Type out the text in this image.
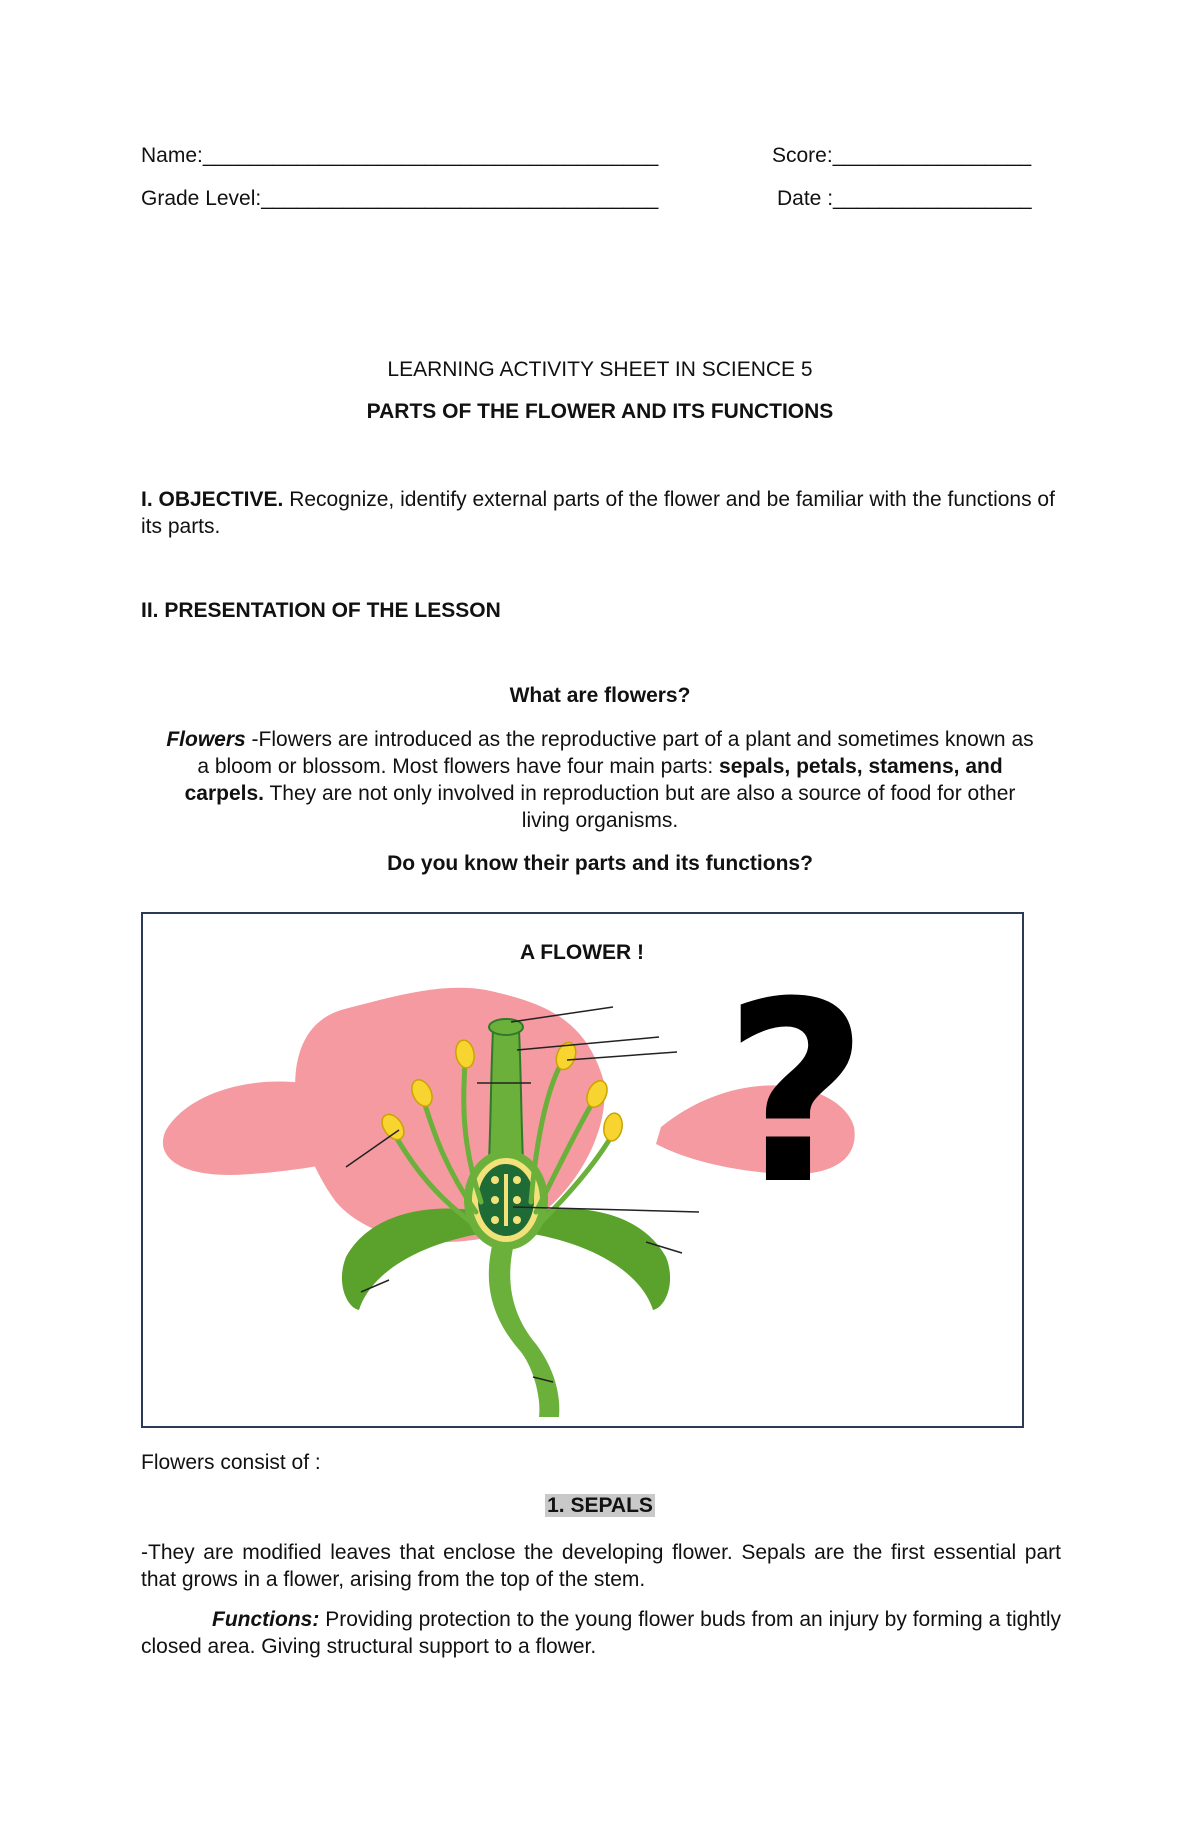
Name:_______________________________________	Score:_________________
Grade Level:__________________________________	Date :_________________
LEARNING ACTIVITY SHEET IN SCIENCE 5
PARTS OF THE FLOWER AND ITS FUNCTIONS
I. OBJECTIVE. Recognize, identify external parts of the flower and be familiar with the functions of its parts.
II. PRESENTATION OF THE LESSON
What are flowers?
Flowers -Flowers are introduced as the reproductive part of a plant and sometimes known as a bloom or blossom. Most flowers have four main parts: sepals, petals, stamens, and carpels. They are not only involved in reproduction but are also a source of food for other living organisms.
Do you know their parts and its functions?
A FLOWER ! ?
Flowers consist of :
1. SEPALS
-They are modified leaves that enclose the developing flower. Sepals are the first essential part that grows in a flower, arising from the top of the stem.
Functions: Providing protection to the young flower buds from an injury by forming a tightly closed area. Giving structural support to a flower.
